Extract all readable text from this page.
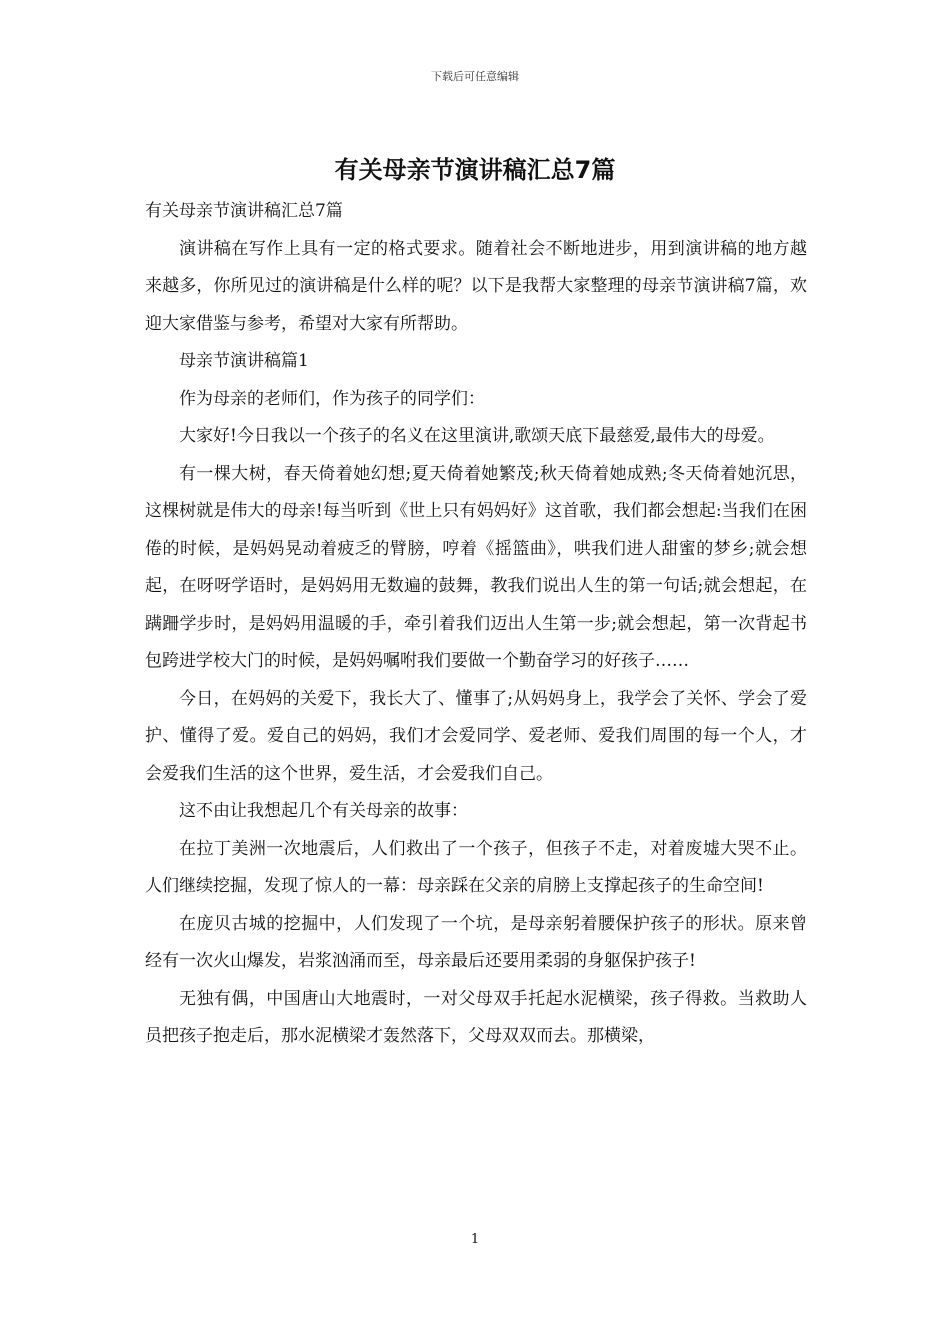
下载后可任意编辑
有关母亲节演讲稿汇总7篇

有关母亲节演讲稿汇总7篇

演讲稿在写作上具有一定的格式要求。随着社会不断地进步，用到演讲稿的地方越来越多，你所见过的演讲稿是什么样的呢？以下是我帮大家整理的母亲节演讲稿7篇，欢迎大家借鉴与参考，希望对大家有所帮助。

母亲节演讲稿篇1

作为母亲的老师们，作为孩子的同学们：

大家好!今日我以一个孩子的名义在这里演讲,歌颂天底下最慈爱,最伟大的母爱。

有一棵大树，春天倚着她幻想;夏天倚着她繁茂;秋天倚着她成熟;冬天倚着她沉思，这棵树就是伟大的母亲!每当听到《世上只有妈妈好》这首歌，我们都会想起:当我们在困倦的时候，是妈妈晃动着疲乏的臂膀，哼着《摇篮曲》，哄我们进人甜蜜的梦乡;就会想起，在呀呀学语时，是妈妈用无数遍的鼓舞，教我们说出人生的第一句话;就会想起，在蹒跚学步时，是妈妈用温暖的手，牵引着我们迈出人生第一步;就会想起，第一次背起书包跨进学校大门的时候，是妈妈嘱咐我们要做一个勤奋学习的好孩子……

今日，在妈妈的关爱下，我长大了、懂事了;从妈妈身上，我学会了关怀、学会了爱护、懂得了爱。爱自己的妈妈，我们才会爱同学、爱老师、爱我们周围的每一个人，才会爱我们生活的这个世界，爱生活，才会爱我们自己。

这不由让我想起几个有关母亲的故事：

在拉丁美洲一次地震后，人们救出了一个孩子，但孩子不走，对着废墟大哭不止。人们继续挖掘，发现了惊人的一幕：母亲踩在父亲的肩膀上支撑起孩子的生命空间!

在庞贝古城的挖掘中，人们发现了一个坑，是母亲躬着腰保护孩子的形状。原来曾经有一次火山爆发，岩浆汹涌而至，母亲最后还要用柔弱的身躯保护孩子!

无独有偶，中国唐山大地震时，一对父母双手托起水泥横梁，孩子得救。当救助人员把孩子抱走后，那水泥横梁才轰然落下，父母双双而去。那横梁，

1
